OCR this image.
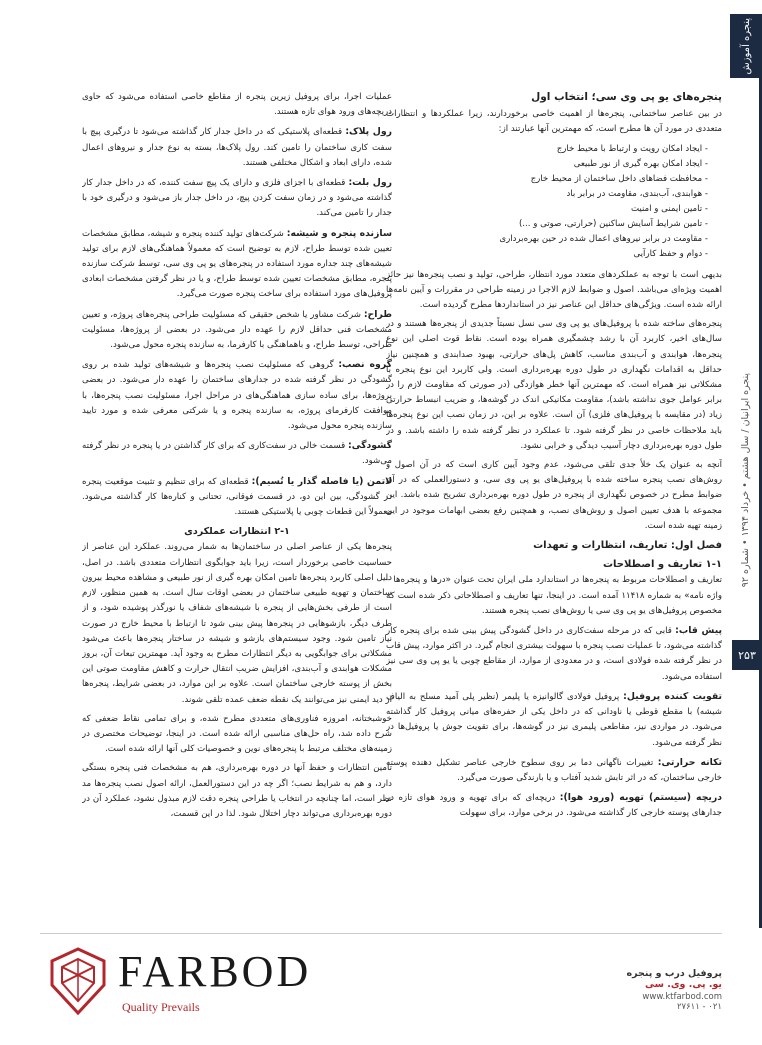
پنجره آموزش
پنجره ایرانیان / سال هشتم • خرداد ۱۳۹۴ • شماره ۹۲
۲۵۳
پنجره‌های یو پی وی سی؛ انتخاب اول

در بین عناصر ساختمانی، پنجره‌ها از اهمیت خاصی برخوردارند، زیرا عملکردها و انتظارات متعددی در مورد آن ها مطرح است، که مهمترین آنها عبارتند از:

- ایجاد امکان رویت و ارتباط با محیط خارج
- ایجاد امکان بهره گیری از نور طبیعی
- محافظت فضاهای داخل ساختمان از محیط خارج
- هوابندی، آب‌بندی، مقاومت در برابر باد
- تامین ایمنی و امنیت
- تامین شرایط آسایش ساکنین (حرارتی، صوتی و ...)
- مقاومت در برابر نیروهای اعمال شده در حین بهره‌برداری
- دوام و حفظ کارآیی

بدیهی است با توجه به عملکردهای متعدد مورد انتظار، طراحی، تولید و نصب پنجره‌ها نیز حائز اهمیت ویژه‌ای می‌باشد. اصول و ضوابط لازم الاجرا در زمینه طراحی در مقررات و آیین نامه‌ها ارائه شده است. ویژگی‌های حداقل این عناصر نیز در استانداردها مطرح گردیده است.

پنجره‌های ساخته شده با پروفیل‌های یو پی وی سی نسل نسبتاً جدیدی از پنجره‌ها هستند و در سال‌های اخیر، کاربرد آن با رشد چشمگیری همراه بوده است. نقاط قوت اصلی این نوع پنجره‌ها، هوابندی و آب‌بندی مناسب، کاهش پل‌های حرارتی، بهبود صدابندی و همچنین نیاز حداقل به اقدامات نگهداری در طول دوره بهره‌برداری است. ولی کاربرد این نوع پنجره با مشکلاتی نیز همراه است. که مهمترین آنها خطر هوازدگی (در صورتی که مقاومت لازم را در برابر عوامل جوی نداشته باشد)، مقاومت مکانیکی اندک در گوشه‌ها، و ضریب انبساط حرارتی زیاد (در مقایسه با پروفیل‌های فلزی) آن است. علاوه بر این، در زمان نصب این نوع پنجره‌ها باید ملاحظات خاصی در نظر گرفته شود. تا عملکرد در نظر گرفته شده را داشته باشد. و در طول دوره بهره‌برداری دچار آسیب دیدگی و خرابی نشود.

آنچه به عنوان یک خلأ جدی تلقی می‌شود، عدم وجود آیین کاری است که در آن اصول و روش‌های نصب پنجره ساخته شده با پروفیل‌های یو پی وی سی، و دستورالعملی که در آن ضوابط مطرح در خصوص نگهداری از پنجره در طول دوره بهره‌برداری تشریح شده باشد. این مجموعه با هدف تعیین اصول و روش‌های نصب، و همچنین رفع بعضی ابهامات موجود در این زمینه تهیه شده است.

فصل اول: تعاریف، انتظارات و تعهدات
۱-۱ تعاریف و اصطلاحات

تعاریف و اصطلاحات مربوط به پنجره‌ها در استاندارد ملی ایران تحت عنوان «درها و پنجره‌ها – واژه نامه» به شماره ۱۱۴۱۸ آمده است. در اینجا، تنها تعاریف و اصطلاحاتی ذکر شده است که مخصوص پروفیل‌های یو پی وی سی یا روش‌های نصب پنجره هستند.

پیش قاب: قابی که در مرحله سفت‌کاری در داخل گشودگی پیش بینی شده برای پنجره کار گذاشته می‌شود، تا عملیات نصب پنجره با سهولت بیشتری انجام گیرد. در اکثر موارد، پیش قاب در نظر گرفته شده فولادی است، و در معدودی از موارد، از مقاطع چوبی یا یو پی وی سی نیز استفاده می‌شود.

تقویت کننده پروفیل: پروفیل فولادی گالوانیزه یا پلیمر (نظیر پلی آمید مسلح به الیاف شیشه) با مقطع قوطی یا ناودانی که در داخل یکی از حفره‌های میانی پروفیل کار گذاشته می‌شود. در مواردی نیز، مقاطعی پلیمری نیز در گوشه‌ها، برای تقویت جوش یا پروفیل‌ها در نظر گرفته می‌شود.

تکانه حرارتی: تغییرات ناگهانی دما بر روی سطوح خارجی عناصر تشکیل دهنده پوسته خارجی ساختمان، که در اثر تابش شدید آفتاب و یا بارندگی صورت می‌گیرد.

دریچه (سیستم) تهویه (ورود هوا): دریچه‌ای که برای تهویه و ورود هوای تازه در جدارهای پوسته خارجی کار گذاشته می‌شود. در برخی موارد، برای سهولت

عملیات اجرا، برای پروفیل زیرین پنجره از مقاطع خاصی استفاده می‌شود که حاوی دریچه‌های ورود هوای تازه هستند.

رول پلاک: قطعه‌ای پلاستیکی که در داخل جدار کار گذاشته می‌شود تا درگیری پیچ با سفت کاری ساختمان را تامین کند. رول پلاک‌ها، بسته به نوع جدار و نیروهای اعمال شده، دارای ابعاد و اشکال مختلفی هستند.

رول بلت: قطعه‌ای با اجزای فلزی و دارای یک پیچ سفت کننده، که در داخل جدار کار گذاشته می‌شود و در زمان سفت کردن پیچ، در داخل جدار باز می‌شود و درگیری خود با جدار را تامین می‌کند.

سازنده پنجره و شیشه: شرکت‌های تولید کننده پنجره و شیشه، مطابق مشخصات تعیین شده توسط طراح، لازم به توضیح است که معمولاً هماهنگی‌های لازم برای تولید شیشه‌های چند جداره مورد استفاده در پنجره‌های یو پی وی سی، توسط شرکت سازنده پنجره، مطابق مشخصات تعیین شده توسط طراح، و یا در نظر گرفتن مشخصات ابعادی پروفیل‌های مورد استفاده برای ساخت پنجره صورت می‌گیرد.

طراح: شرکت مشاور یا شخص حقیقی که مسئولیت طراحی پنجره‌های پروژه، و تعیین مشخصات فنی حداقل لازم را عهده دار می‌شود. در بعضی از پروژه‌ها، مسئولیت طراحی، توسط طراح، و باهماهنگی با کارفرما، به سازنده پنجره محول می‌شود.

گروه نصب: گروهی که مسئولیت نصب پنجره‌ها و شیشه‌های تولید شده بر روی گشودگی در نظر گرفته شده در جدارهای ساختمان را عهده دار می‌شود. در بعضی پروژه‌ها، برای ساده سازی هماهنگی‌های در مراحل اجرا، مسئولیت نصب پنجره‌ها، با موافقت کارفرمای پروژه، به سازنده پنجره و یا شرکتی معرفی شده و مورد تایید سازنده پنجره محول می‌شود.

گشودگی: قسمت خالی در سفت‌کاری که برای کار گذاشتن در یا پنجره در نظر گرفته می‌شود.

لاتمن (یا فاصله گذار یا تُسیم): قطعه‌ای که برای تنظیم و تثبیت موقعیت پنجره در گشودگی، بین این دو، در قسمت فوقانی، تحتانی و کناره‌ها کار گذاشته می‌شود. معمولاً این قطعات چوبی یا پلاستیکی هستند.

۲-۱ انتظارات عملکردی

پنجره‌ها یکی از عناصر اصلی در ساختمان‌ها به شمار می‌روند. عملکرد این عناصر از حساسیت خاصی برخوردار است، زیرا باید جوابگوی انتظارات متعددی باشد. در اصل، دلیل اصلی کاربرد پنجره‌ها تامین امکان بهره گیری از نور طبیعی و مشاهده محیط بیرون ساختمان و تهویه طبیعی ساختمان در بعضی اوقات سال است. به همین منظور، لازم است از طرفی بخش‌هایی از پنجره با شیشه‌های شفاف یا نورگذر پوشیده شود، و از طرف دیگر، بازشوهایی در پنجره‌ها پیش بینی شود تا ارتباط با محیط خارج در صورت نیاز تامین شود. وجود سیستم‌های بازشو و شیشه در ساختار پنجره‌ها باعث می‌شود مشکلاتی برای جوابگویی به دیگر انتظارات مطرح به وجود آید. مهمترین تبعات آن، بروز مشکلات هوابندی و آب‌بندی، افزایش ضریب انتقال حرارت و کاهش مقاومت صوتی این بخش از پوسته خارجی ساختمان است. علاوه بر این موارد، در بعضی شرایط، پنجره‌ها از دید ایمنی نیز می‌توانند یک نقطه ضعف عمده تلقی شوند.

خوشبختانه، امروزه فناوری‌های متعددی مطرح شده، و برای تمامی نقاط ضعفی که شرح داده شد، راه حل‌های مناسبی ارائه شده است. در اینجا، توضیحات مختصری در زمینه‌های مختلف مرتبط با پنجره‌های نوین و خصوصیات کلی آنها ارائه شده است.

تامین انتظارات و حفظ آنها در دوره بهره‌برداری، هم به مشخصات فنی پنجره بستگی دارد، و هم به شرایط نصب؛ اگر چه در این دستورالعمل، ارائه اصول نصب پنجره‌ها مد نظر است، اما چنانچه در انتخاب یا طراحی پنجره دقت لازم مبذول نشود، عملکرد آن در دوره بهره‌برداری می‌تواند دچار اختلال شود. لذا در این قسمت،

FARBOD
Quality Prevails
پروفیل درب و پنجره
یو. پی. وی. سی
www.ktfarbod.com
۰۲۱ - ۲۷۶۱۱
